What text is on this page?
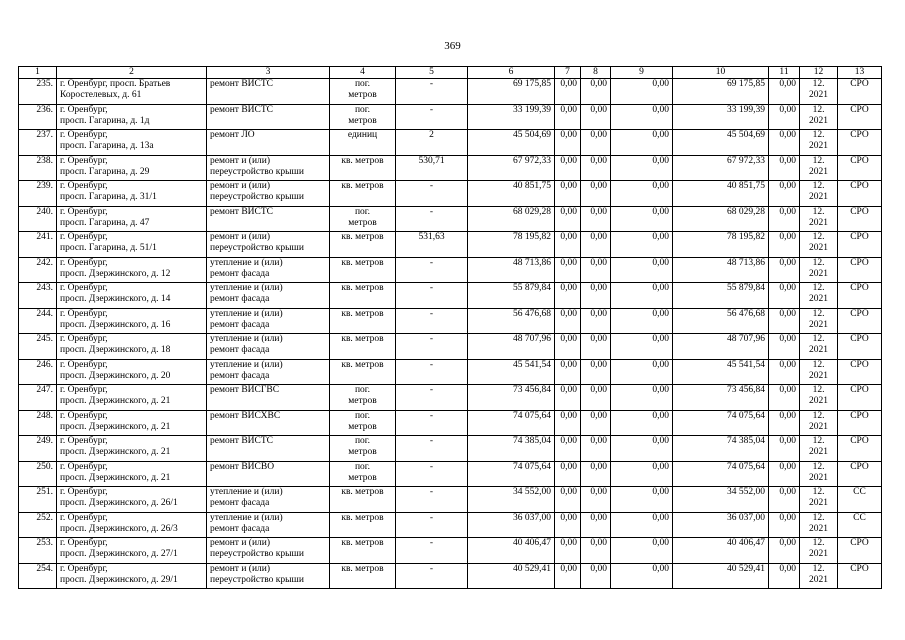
369
1	2	3	4	5	6	7	8	9	10	11	12	13
235.	г. Оренбург, просп. Братьев
Коростелевых, д. 61	ремонт ВИСТС	пог.
метров	-	69 175,85	0,00	0,00	0,00	69 175,85	0,00	12.
2021	СРО
236.	г. Оренбург,
просп. Гагарина, д. 1д	ремонт ВИСТС	пог.
метров	-	33 199,39	0,00	0,00	0,00	33 199,39	0,00	12.
2021	СРО
237.	г. Оренбург,
просп. Гагарина, д. 13а	ремонт ЛО	единиц	2	45 504,69	0,00	0,00	0,00	45 504,69	0,00	12.
2021	СРО
238.	г. Оренбург,
просп. Гагарина, д. 29	ремонт и (или)
переустройство крыши	кв. метров	530,71	67 972,33	0,00	0,00	0,00	67 972,33	0,00	12.
2021	СРО
239.	г. Оренбург,
просп. Гагарина, д. 31/1	ремонт и (или)
переустройство крыши	кв. метров	-	40 851,75	0,00	0,00	0,00	40 851,75	0,00	12.
2021	СРО
240.	г. Оренбург,
просп. Гагарина, д. 47	ремонт ВИСТС	пог.
метров	-	68 029,28	0,00	0,00	0,00	68 029,28	0,00	12.
2021	СРО
241.	г. Оренбург,
просп. Гагарина, д. 51/1	ремонт и (или)
переустройство крыши	кв. метров	531,63	78 195,82	0,00	0,00	0,00	78 195,82	0,00	12.
2021	СРО
242.	г. Оренбург,
просп. Дзержинского, д. 12	утепление и (или)
ремонт фасада	кв. метров	-	48 713,86	0,00	0,00	0,00	48 713,86	0,00	12.
2021	СРО
243.	г. Оренбург,
просп. Дзержинского, д. 14	утепление и (или)
ремонт фасада	кв. метров	-	55 879,84	0,00	0,00	0,00	55 879,84	0,00	12.
2021	СРО
244.	г. Оренбург,
просп. Дзержинского, д. 16	утепление и (или)
ремонт фасада	кв. метров	-	56 476,68	0,00	0,00	0,00	56 476,68	0,00	12.
2021	СРО
245.	г. Оренбург,
просп. Дзержинского, д. 18	утепление и (или)
ремонт фасада	кв. метров	-	48 707,96	0,00	0,00	0,00	48 707,96	0,00	12.
2021	СРО
246.	г. Оренбург,
просп. Дзержинского, д. 20	утепление и (или)
ремонт фасада	кв. метров	-	45 541,54	0,00	0,00	0,00	45 541,54	0,00	12.
2021	СРО
247.	г. Оренбург,
просп. Дзержинского, д. 21	ремонт ВИСГВС	пог.
метров	-	73 456,84	0,00	0,00	0,00	73 456,84	0,00	12.
2021	СРО
248.	г. Оренбург,
просп. Дзержинского, д. 21	ремонт ВИСХВС	пог.
метров	-	74 075,64	0,00	0,00	0,00	74 075,64	0,00	12.
2021	СРО
249.	г. Оренбург,
просп. Дзержинского, д. 21	ремонт ВИСТС	пог.
метров	-	74 385,04	0,00	0,00	0,00	74 385,04	0,00	12.
2021	СРО
250.	г. Оренбург,
просп. Дзержинского, д. 21	ремонт ВИСВО	пог.
метров	-	74 075,64	0,00	0,00	0,00	74 075,64	0,00	12.
2021	СРО
251.	г. Оренбург,
просп. Дзержинского, д. 26/1	утепление и (или)
ремонт фасада	кв. метров	-	34 552,00	0,00	0,00	0,00	34 552,00	0,00	12.
2021	СС
252.	г. Оренбург,
просп. Дзержинского, д. 26/3	утепление и (или)
ремонт фасада	кв. метров	-	36 037,00	0,00	0,00	0,00	36 037,00	0,00	12.
2021	СС
253.	г. Оренбург,
просп. Дзержинского, д. 27/1	ремонт и (или)
переустройство крыши	кв. метров	-	40 406,47	0,00	0,00	0,00	40 406,47	0,00	12.
2021	СРО
254.	г. Оренбург,
просп. Дзержинского, д. 29/1	ремонт и (или)
переустройство крыши	кв. метров	-	40 529,41	0,00	0,00	0,00	40 529,41	0,00	12.
2021	СРО
